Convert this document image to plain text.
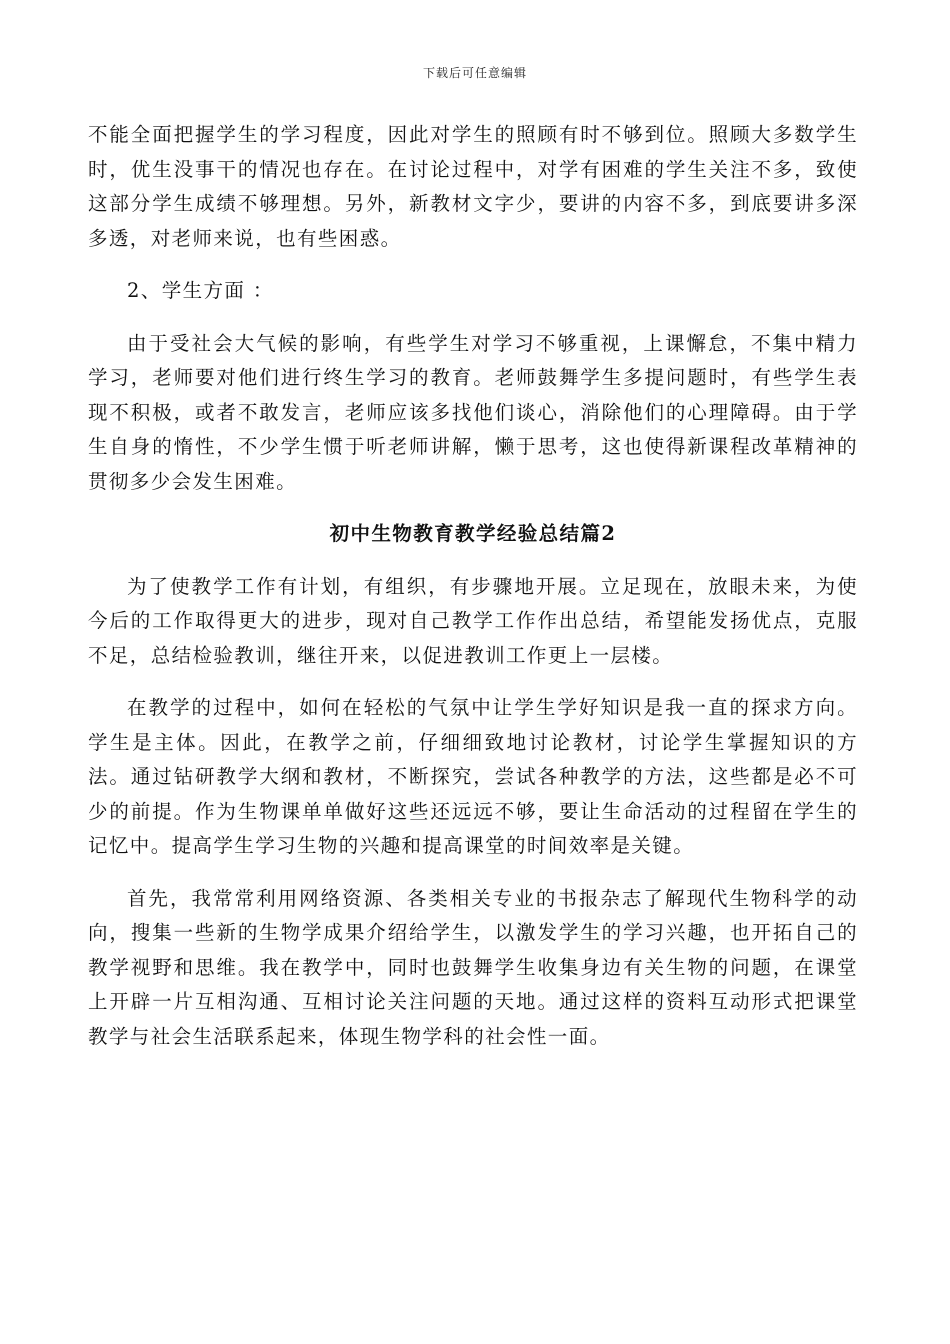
下载后可任意编辑

不能全面把握学生的学习程度，因此对学生的照顾有时不够到位。照顾大多数学生时，优生没事干的情况也存在。在讨论过程中，对学有困难的学生关注不多，致使这部分学生成绩不够理想。另外，新教材文字少，要讲的内容不多，到底要讲多深多透，对老师来说，也有些困惑。

2、学生方面 ：

由于受社会大气候的影响，有些学生对学习不够重视，上课懈怠，不集中精力学习，老师要对他们进行终生学习的教育。老师鼓舞学生多提问题时，有些学生表现不积极，或者不敢发言，老师应该多找他们谈心，消除他们的心理障碍。由于学生自身的惰性，不少学生惯于听老师讲解，懒于思考，这也使得新课程改革精神的贯彻多少会发生困难。

初中生物教育教学经验总结篇2

为了使教学工作有计划，有组织，有步骤地开展。立足现在，放眼未来，为使今后的工作取得更大的进步，现对自己教学工作作出总结，希望能发扬优点，克服不足，总结检验教训，继往开来，以促进教训工作更上一层楼。

在教学的过程中，如何在轻松的气氛中让学生学好知识是我一直的探求方向。学生是主体。因此，在教学之前，仔细细致地讨论教材，讨论学生掌握知识的方法。通过钻研教学大纲和教材，不断探究，尝试各种教学的方法，这些都是必不可少的前提。作为生物课单单做好这些还远远不够，要让生命活动的过程留在学生的记忆中。提高学生学习生物的兴趣和提高课堂的时间效率是关键。

首先，我常常利用网络资源、各类相关专业的书报杂志了解现代生物科学的动向，搜集一些新的生物学成果介绍给学生，以激发学生的学习兴趣，也开拓自己的教学视野和思维。我在教学中，同时也鼓舞学生收集身边有关生物的问题，在课堂上开辟一片互相沟通、互相讨论关注问题的天地。通过这样的资料互动形式把课堂教学与社会生活联系起来，体现生物学科的社会性一面。
